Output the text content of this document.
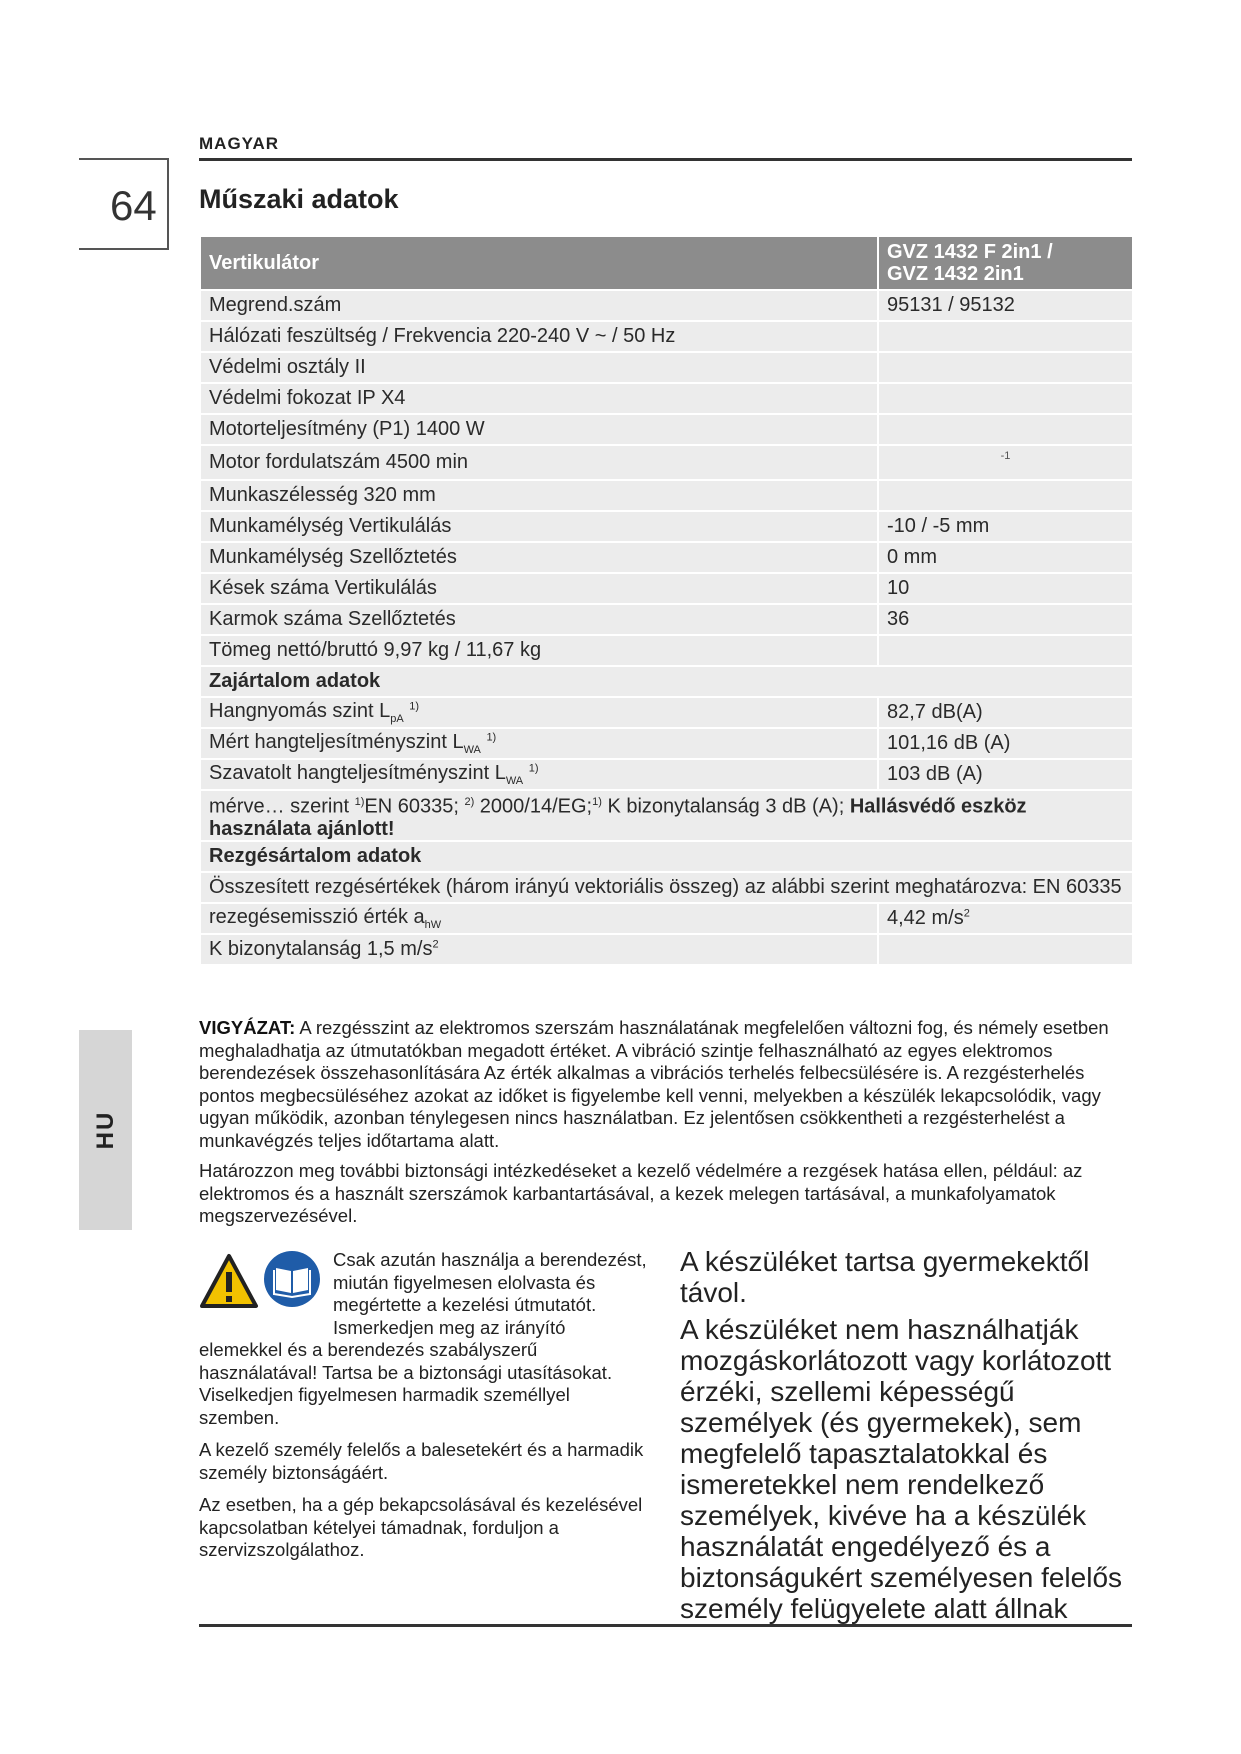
MAGYAR
64 Műszaki adatok
Vertikulátor	GVZ 1432 F 2in1 /
GVZ 1432 2in1
Megrend.szám	95131 / 95132
Hálózati feszültség / Frekvencia 220-240 V ~ / 50 Hz	
Védelmi osztály II	
Védelmi fokozat IP X4	
Motorteljesítmény (P1) 1400 W	
Motor fordulatszám 4500 min	-1
Munkaszélesség 320 mm	
Munkamélység Vertikulálás	-10 / -5 mm
Munkamélység Szellőztetés	0 mm
Kések száma Vertikulálás	10
Karmok száma Szellőztetés	36
Tömeg nettó/bruttó 9,97 kg / 11,67 kg	
Zajártalom adatok	
Hangnyomás szint $L_{pA}$ $^{1)}$	82,7 dB(A)
Mért hangteljesítményszint $L_{WA}$ $^{1)}$	101,16 dB (A)
Szavatolt hangteljesítményszint $L_{WA}$ $^{1)}$	103 dB (A)
mérve… szerint $^{1)}$EN 60335; $^{2)}$ 2000/14/EG;$^{1)}$ K bizonytalanság 3 dB (A); Hallásvédő eszköz használata ajánlott!	
Rezgésártalom adatok	
Összesített rezgésértékek (három irányú vektoriális összeg) az alábbi szerint meghatározva: EN 60335	
rezegésemisszió érték $a_{hW}$	4,42 $m/s^2$
K bizonytalanság 1,5 $m/s^2$	
HU

VIGYÁZAT: A rezgésszint az elektromos szerszám használatának megfelelően változni fog, és némely esetben meghaladhatja az útmutatókban megadott értéket. A vibráció szintje felhasználható az egyes elektromos berendezések összehasonlítására Az érték alkalmas a vibrációs terhelés felbecsülésére is. A rezgésterhelés pontos megbecsüléséhez azokat az időket is figyelembe kell venni, melyekben a készülék lekapcsolódik, vagy ugyan működik, azonban ténylegesen nincs használatban. Ez jelentősen csökkentheti a rezgésterhelést a munkavégzés teljes időtartama alatt.

Határozzon meg további biztonsági intézkedéseket a kezelő védelmére a rezgések hatása ellen, például: az elektromos és a használt szerszámok karbantartásával, a kezek melegen tartásával, a munkafolyamatok megszervezésével.

Csak azután használja a berendezést, miután figyelmesen elolvasta és megértette a kezelési útmutatót. Ismerkedjen meg az irányító elemekkel és a berendezés szabályszerű használatával! Tartsa be a biztonsági utasításokat. Viselkedjen figyelmesen harmadik személlyel szemben.

A kezelő személy felelős a balesetekért és a harmadik személy biztonságáért.

Az esetben, ha a gép bekapcsolásával és kezelésével kapcsolatban kételyei támadnak, forduljon a szervizszolgálathoz.

A készüléket tartsa gyermekektől távol.

A készüléket nem használhatják mozgáskorlátozott vagy korlátozott érzéki, szellemi képességű személyek (és gyermekek), sem megfelelő tapasztalatokkal és ismeretekkel nem rendelkező személyek, kivéve ha a készülék használatát engedélyező és a biztonságukért személyesen felelős személy felügyelete alatt állnak
